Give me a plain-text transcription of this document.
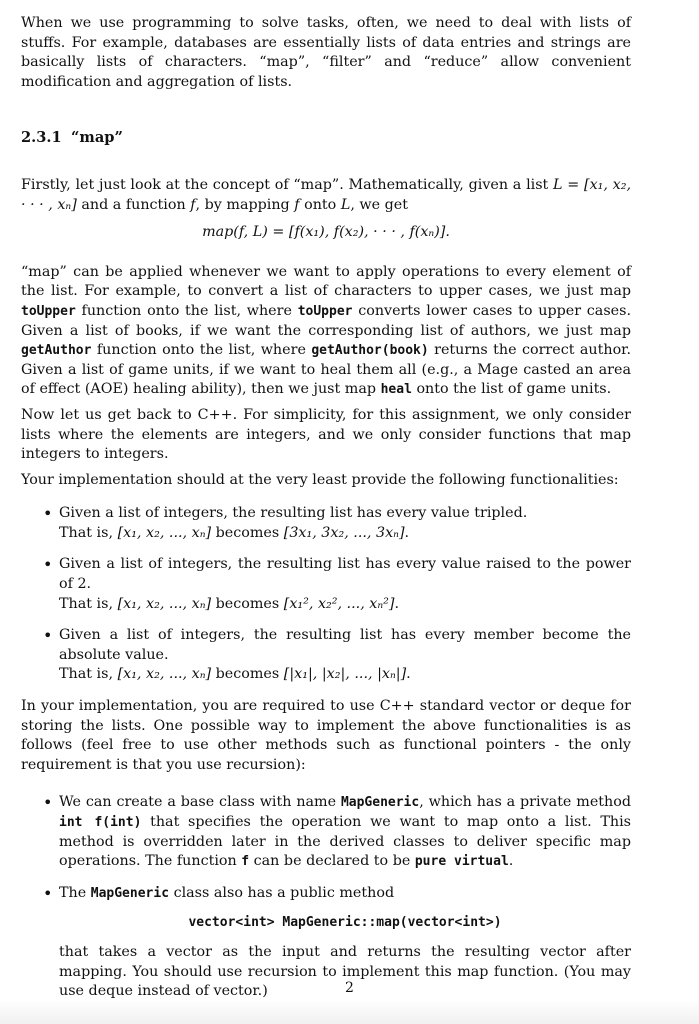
When we use programming to solve tasks, often, we need to deal with lists of stuffs. For example, databases are essentially lists of data entries and strings are basically lists of characters. “map”, “filter” and “reduce” allow convenient modification and aggregation of lists.

2.3.1 “map”

Firstly, let just look at the concept of “map”. Mathematically, given a list L = [x₁, x₂, · · · , xₙ] and a function f, by mapping f onto L, we get

map(f, L) = [f(x₁), f(x₂), · · · , f(xₙ)].

“map” can be applied whenever we want to apply operations to every element of the list. For example, to convert a list of characters to upper cases, we just map toUpper function onto the list, where toUpper converts lower cases to upper cases. Given a list of books, if we want the corresponding list of authors, we just map getAuthor function onto the list, where getAuthor(book) returns the correct author. Given a list of game units, if we want to heal them all (e.g., a Mage casted an area of effect (AOE) healing ability), then we just map heal onto the list of game units.

Now let us get back to C++. For simplicity, for this assignment, we only consider lists where the elements are integers, and we only consider functions that map integers to integers.

Your implementation should at the very least provide the following functionalities:

• Given a list of integers, the resulting list has every value tripled.
That is, [x₁, x₂, ..., xₙ] becomes [3x₁, 3x₂, ..., 3xₙ].
• Given a list of integers, the resulting list has every value raised to the power of 2.
That is, [x₁, x₂, ..., xₙ] becomes [x₁², x₂², ..., xₙ²].
• Given a list of integers, the resulting list has every member become the absolute value.
That is, [x₁, x₂, ..., xₙ] becomes [|x₁|, |x₂|, ..., |xₙ|].

In your implementation, you are required to use C++ standard vector or deque for storing the lists. One possible way to implement the above functionalities is as follows (feel free to use other methods such as functional pointers - the only requirement is that you use recursion):

• We can create a base class with name MapGeneric, which has a private method int f(int) that specifies the operation we want to map onto a list. This method is overridden later in the derived classes to deliver specific map operations. The function f can be declared to be pure virtual.
• The MapGeneric class also has a public method
vector<int> MapGeneric::map(vector<int>)
that takes a vector as the input and returns the resulting vector after mapping. You should use recursion to implement this map function. (You may use deque instead of vector.)	2
